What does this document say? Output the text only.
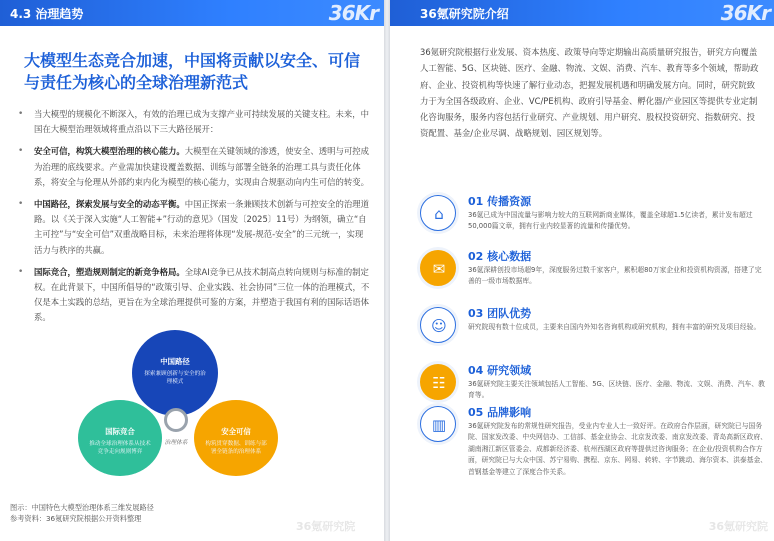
4.3 治理趋势	36Kr
大模型生态竞合加速，中国将贡献以安全、可信与责任为核心的全球治理新范式
• 当大模型的规模化不断深入，有效的治理已成为支撑产业可持续发展的关键支柱。未来，中国在大模型治理领域将重点沿以下三大路径展开：
• 安全可信，构筑大模型治理的核心能力。大模型在关键领域的渗透，使安全、透明与可控成为治理的底线要求。产业需加快建设覆盖数据、训练与部署全链条的治理工具与责任化体系，将安全与伦理从外部约束内化为模型的核心能力，实现由合规驱动向内生可信的转变。
• 中国路径，探索发展与安全的动态平衡。中国正探索一条兼顾技术创新与可控安全的治理道路。以《关于深入实施“人工智能+”行动的意见》（国发〔2025〕11号）为纲领，确立“自主可控”与“安全可信”双重战略目标，未来治理将体现“发展-规范-安全”的三元统一，实现活力与秩序的共赢。
• 国际竞合，塑造规则制定的新竞争格局。全球AI竞争已从技术制高点转向规则与标准的制定权。在此背景下，中国所倡导的“政策引导、企业实践、社会协同”三位一体的治理模式，不仅是本土实践的总结，更旨在为全球治理提供可鉴的方案，并塑造于我国有利的国际话语体系。
中国路径
探索兼顾创新与安全的治理模式
国际竞合
推动全球治理体系从技术竞争走向规则博弈
安全可信
构筑贯穿数据、训练与部署全链条的治理体系
治理体系
图示：中国特色大模型治理体系三维发展路径
参考资料：36氪研究院根据公开资料整理
36氪研究院
36氪研究院介绍	36Kr
36氪研究院根据行业发展、资本热度、政策导向等定期输出高质量研究报告，研究方向覆盖人工智能、5G、区块链、医疗、金融、物流、文娱、消费、汽车、教育等多个领域，帮助政府、企业、投资机构等快速了解行业动态，把握发展机遇和明确发展方向。同时，研究院致力于为全国各级政府、企业、VC/PE机构、政府引导基金、孵化器/产业园区等提供专业定制化咨询服务，服务内容包括行业研究、产业规划、用户研究、股权投资研究、指数研究、投资配置、基金/企业尽调、战略规划、园区规划等。
⌂
01 传播资源
36氪已成为中国流量与影响力较大的互联网新商业媒体，覆盖全球超1.5亿读者，累计发布超过50,000篇文章，拥有行业内较显著的流量和传播优势。
✉
02 核心数据
36氪深耕创投市场超9年，深度服务过数千家客户，累积超80万家企业和投资机构资源，搭建了完善的一级市场数据库。
☺
03 团队优势
研究院现有数十位成员，主要来自国内外知名咨询机构或研究机构，拥有丰富的研究及项目经验。
☷
04 研究领域
36氪研究院主要关注领域包括人工智能、5G、区块链、医疗、金融、物流、文娱、消费、汽车、教育等。
▥
05 品牌影响
36氪研究院发布的常规性研究报告，受业内专业人士一致好评。在政府合作层面，研究院已与国务院、国家发改委、中央网信办、工信部、基金业协会、北京发改委、南京发改委、青岛高新区政府、湖南湘江新区管委会、成都新经济委、杭州西湖区政府等提供过咨询服务；在企业/投资机构合作方面，研究院已与大众中国、苏宁易购、携程、京东、网易、转转、字节跳动、海尔资本、洪泰基金、首钢基金等建立了深度合作关系。
36氪研究院
